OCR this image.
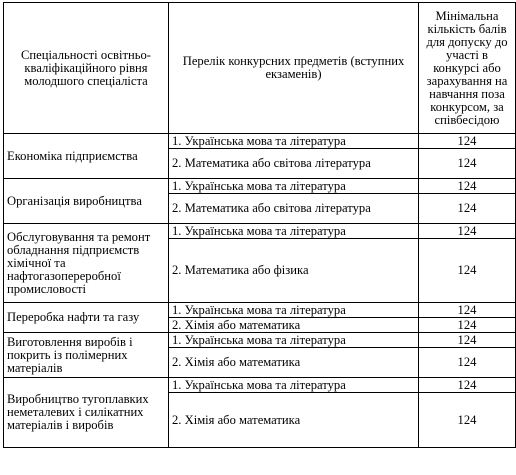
Спеціальності освітньо-кваліфікаційного рівня молодшого спеціаліста	Перелік конкурсних предметів (вступних екзаменів)	Мінімальна кількість балів для допуску до участі в конкурсі або зарахування на навчання поза конкурсом, за співбесідою
Економіка підприємства	1. Українська мова та література	124
	2. Математика або світова література	124
Організація виробництва	1. Українська мова та література	124
	2. Математика або світова література	124
Обслуговування та ремонт обладнання підприємств хімічної та нафтогазопереробної промисловості	1. Українська мова та література	124
	2. Математика або фізика	124
Переробка нафти та газу	1. Українська мова та література	124
	2. Хімія або математика	124
Виготовлення виробів і покрить із полімерних матеріалів	1. Українська мова та література	124
	2. Хімія або математика	124
Виробництво тугоплавких неметалевих і силікатних матеріалів і виробів	1. Українська мова та література	124
	2. Хімія або математика	124
